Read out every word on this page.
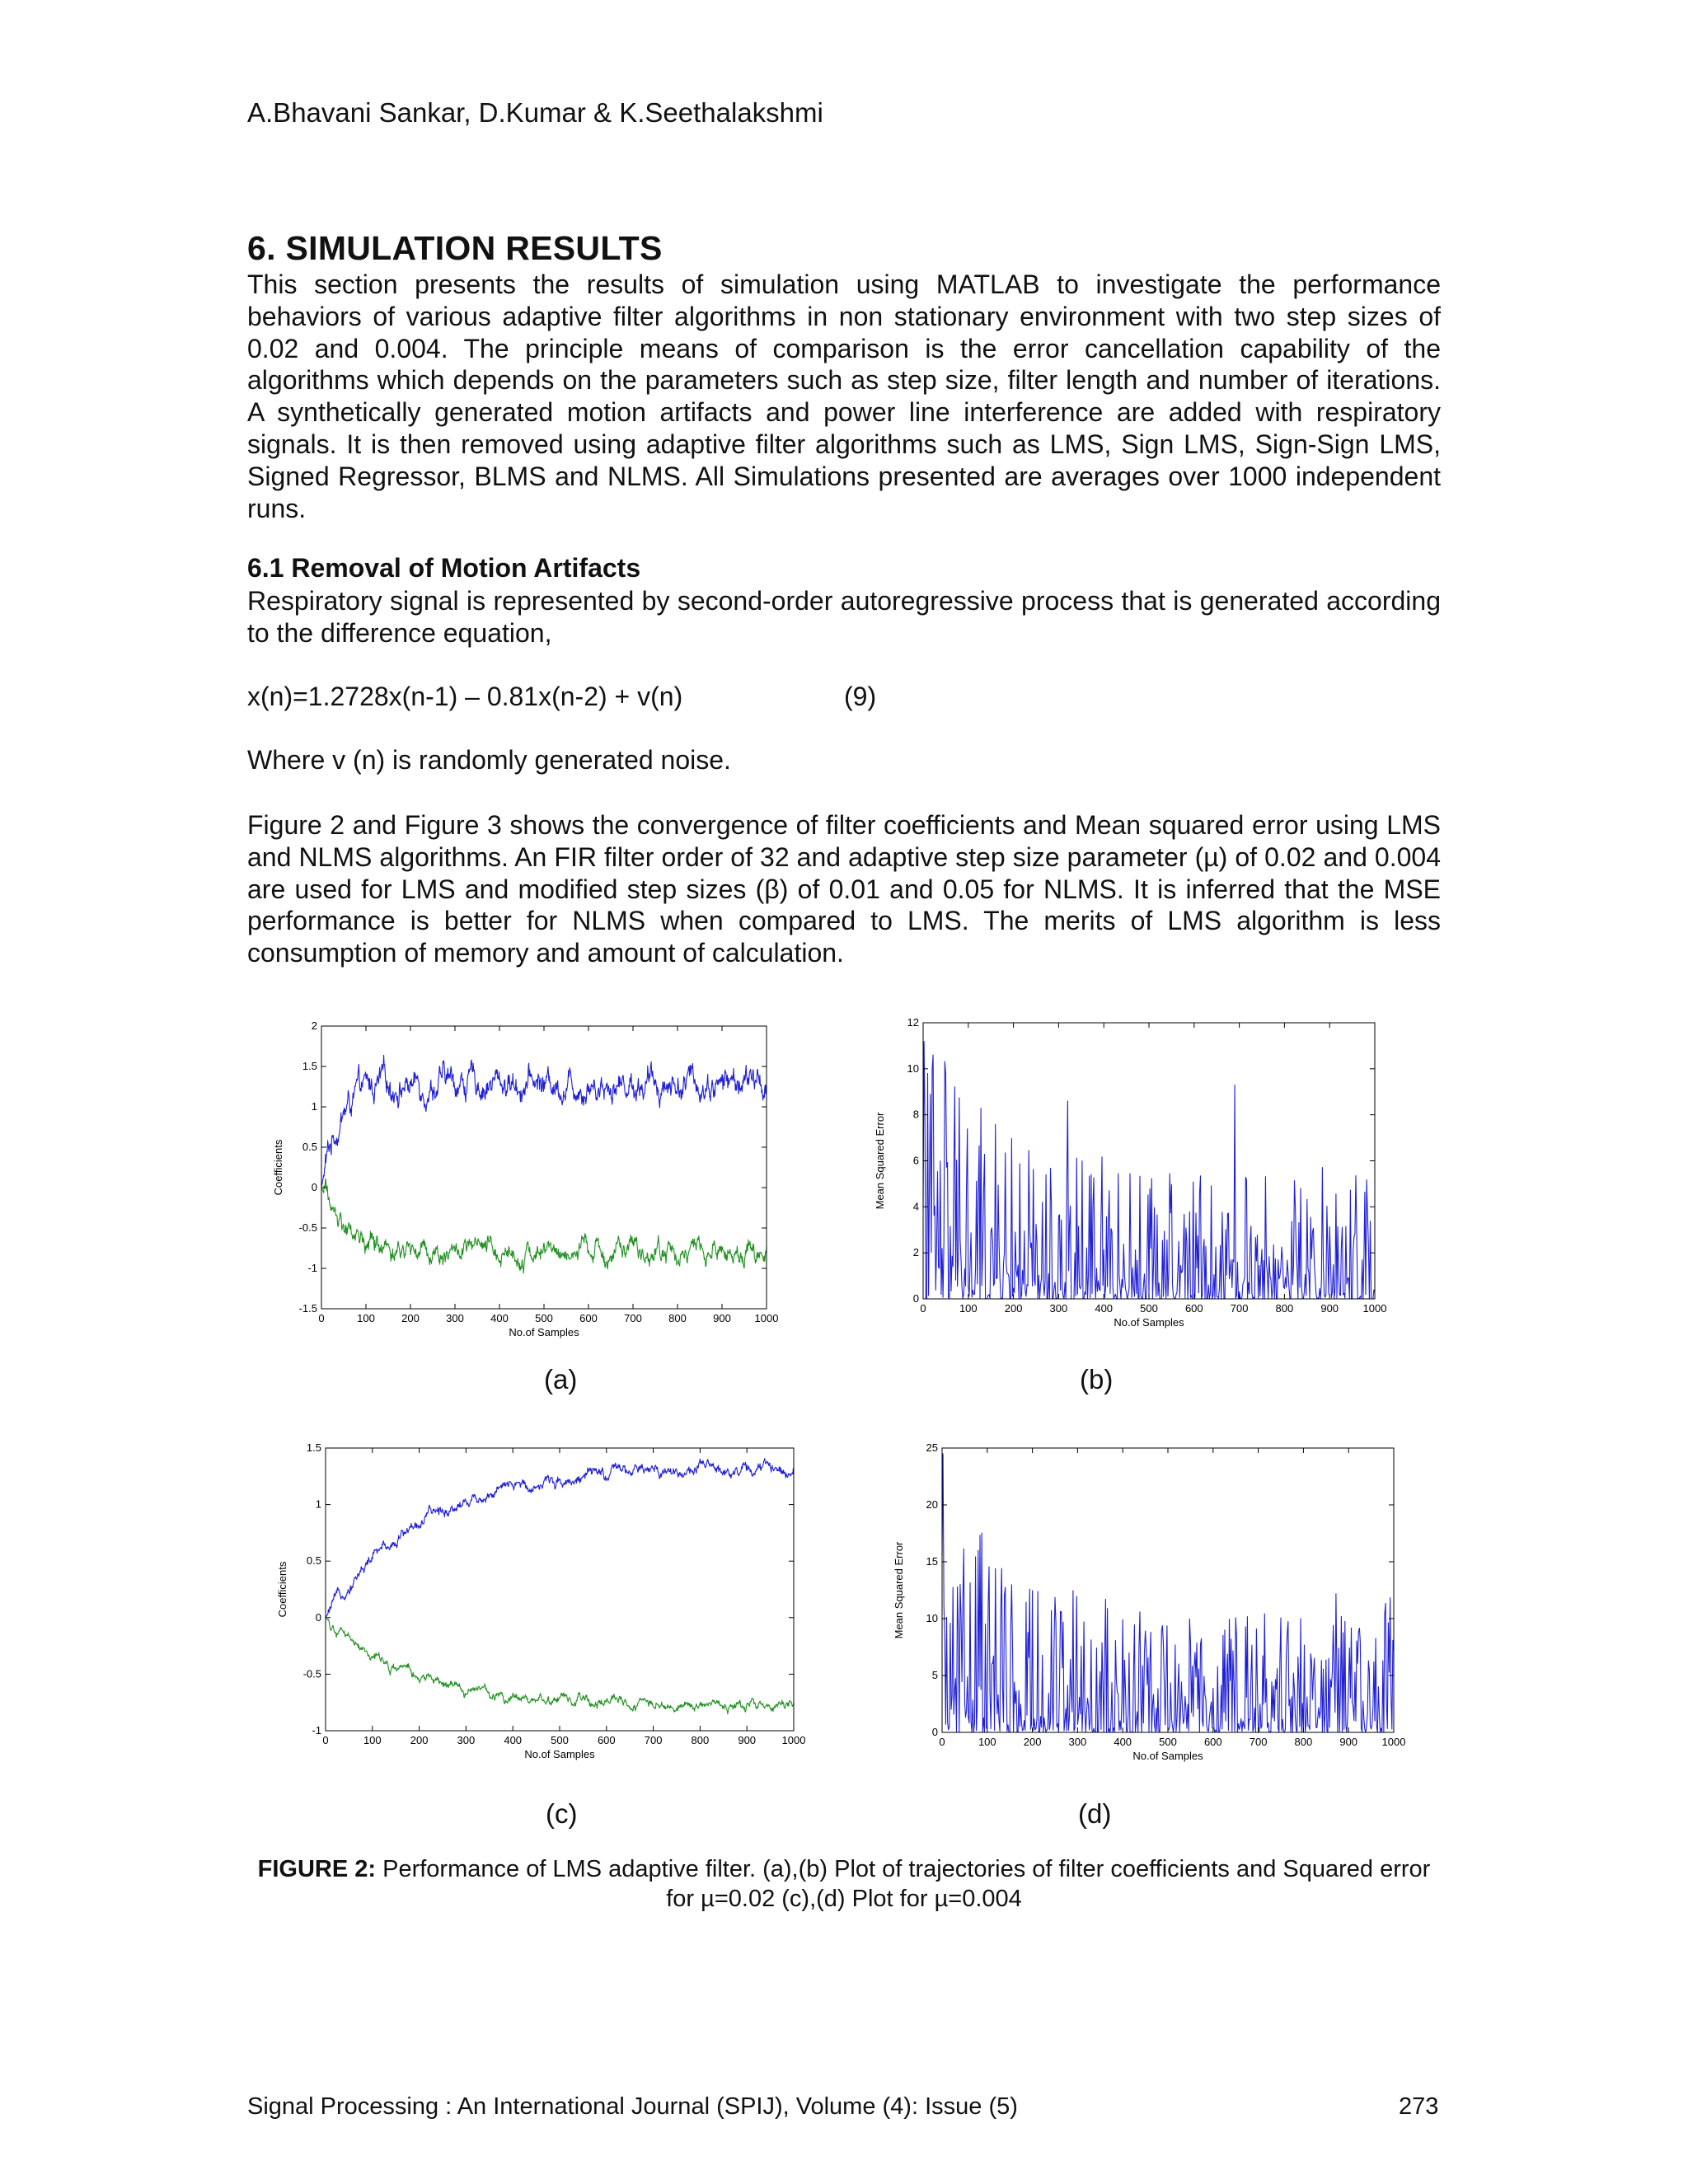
A.Bhavani Sankar, D.Kumar & K.Seethalakshmi
6. SIMULATION RESULTS
This section presents the results of simulation using MATLAB to investigate the performance behaviors of various adaptive filter algorithms in non stationary environment with two step sizes of 0.02 and 0.004. The principle means of comparison is the error cancellation capability of the algorithms which depends on the parameters such as step size, filter length and number of iterations. A synthetically generated motion artifacts and power line interference are added with respiratory signals. It is then removed using adaptive filter algorithms such as LMS, Sign LMS, Sign-Sign LMS, Signed Regressor, BLMS and NLMS. All Simulations presented are averages over 1000 independent runs.
6.1 Removal of Motion Artifacts
Respiratory signal is represented by second-order autoregressive process that is generated according to the difference equation,
x(n)=1.2728x(n-1) – 0.81x(n-2) + v(n)	(9)
Where v (n) is randomly generated noise.
Figure 2 and Figure 3 shows the convergence of filter coefficients and Mean squared error using LMS and NLMS algorithms. An FIR filter order of 32 and adaptive step size parameter (µ) of 0.02 and 0.004 are used for LMS and modified step sizes (β) of 0.01 and 0.05 for NLMS. It is inferred that the MSE performance is better for NLMS when compared to LMS. The merits of LMS algorithm is less consumption of memory and amount of calculation.
0	100 200 300 400 500 600 700 800 900 1000
-1.5
-1
-0.5
0
0.5
1
1.5
2
No.of Samples
Coefficients
0	100	200	300	400	500	600	700	800	900 1000
0
2
4
6
8
10
12
No.of Samples
Mean Squared Error
0	100	200	300	400	500	600	700	800	900 1000
-1
-0.5
0
0.5
1
1.5
No.of Samples
Coefficients
0	100	200	300	400	500	600	700	800	900 1000
0
5
10
15
20
25
No.of Samples
Mean Squared Error
(a)	(b)
(c)	(d)
FIGURE 2: Performance of LMS adaptive filter. (a),(b) Plot of trajectories of filter coefficients and Squared error for µ=0.02 (c),(d) Plot for µ=0.004
Signal Processing : An International Journal (SPIJ), Volume (4): Issue (5)	273
